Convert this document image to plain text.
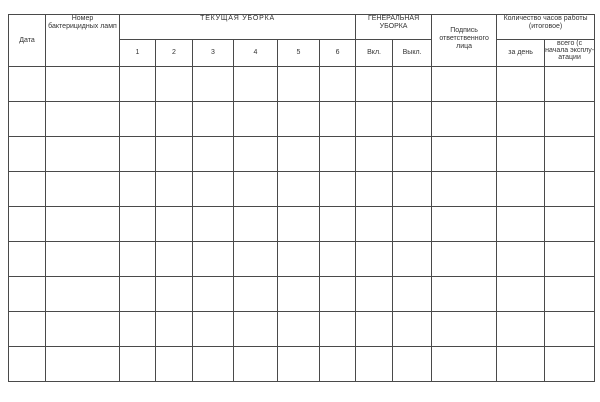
Дата	Номер бактерицидных ламп	ТЕКУЩАЯ УБОРКА						ГЕНЕРАЛЬНАЯ УБОРКА		Подпись ответственного лица	Количество часов работы (итоговое)	
		1	2	3	4	5	6	Вкл.	Выкл.		за день	всего (с начала эксплу-атации
